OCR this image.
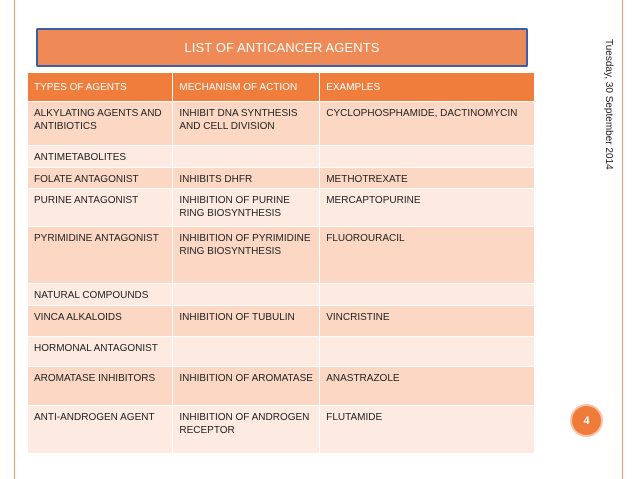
LIST OF ANTICANCER AGENTS	Tuesday, 30 September 2014
TYPES OF AGENTS	MECHANISM OF ACTION	EXAMPLES
ALKYLATING AGENTS AND ANTIBIOTICS	INHIBIT DNA SYNTHESIS AND CELL DIVISION	CYCLOPHOSPHAMIDE, DACTINOMYCIN
ANTIMETABOLITES		
FOLATE ANTAGONIST	INHIBITS DHFR	METHOTREXATE
PURINE ANTAGONIST	INHIBITION OF PURINE RING BIOSYNTHESIS	MERCAPTOPURINE
PYRIMIDINE ANTAGONIST	INHIBITION OF PYRIMIDINE RING BIOSYNTHESIS	FLUOROURACIL
NATURAL COMPOUNDS		
VINCA ALKALOIDS	INHIBITION OF TUBULIN	VINCRISTINE
HORMONAL ANTAGONIST		
AROMATASE INHIBITORS	INHIBITION OF AROMATASE	ANASTRAZOLE
ANTI-ANDROGEN AGENT	INHIBITION OF ANDROGEN RECEPTOR	FLUTAMIDE	4
